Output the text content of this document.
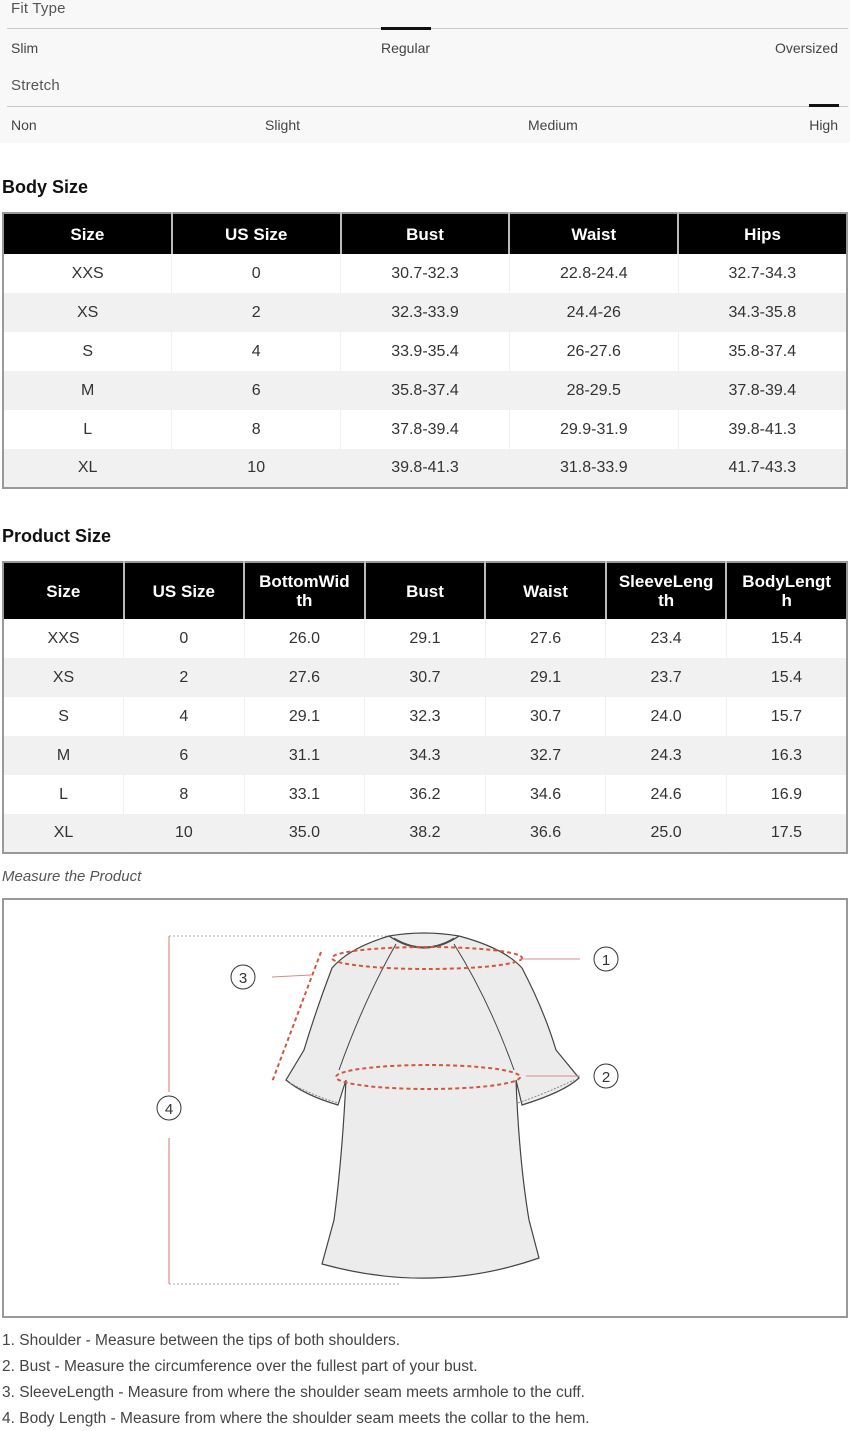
Fit Type
Slim	Regular	Oversized
Stretch
Non	Slight	Medium	High
Body Size
Size	US Size	Bust	Waist	Hips
XXS	0	30.7-32.3	22.8-24.4	32.7-34.3
XS	2	32.3-33.9	24.4-26	34.3-35.8
S	4	33.9-35.4	26-27.6	35.8-37.4
M	6	35.8-37.4	28-29.5	37.8-39.4
L	8	37.8-39.4	29.9-31.9	39.8-41.3
XL	10	39.8-41.3	31.8-33.9	41.7-43.3
Product Size
Size	US Size	BottomWidth	Bust	Waist	SleeveLength	BodyLength
XXS	0	26.0	29.1	27.6	23.4	15.4
XS	2	27.6	30.7	29.1	23.7	15.4
S	4	29.1	32.3	30.7	24.0	15.7
M	6	31.1	34.3	32.7	24.3	16.3
L	8	33.1	36.2	34.6	24.6	16.9
XL	10	35.0	38.2	36.6	25.0	17.5
Measure the Product
1
2
3
4
1. Shoulder - Measure between the tips of both shoulders.
2. Bust - Measure the circumference over the fullest part of your bust.
3. SleeveLength - Measure from where the shoulder seam meets armhole to the cuff.
4. Body Length - Measure from where the shoulder seam meets the collar to the hem.
